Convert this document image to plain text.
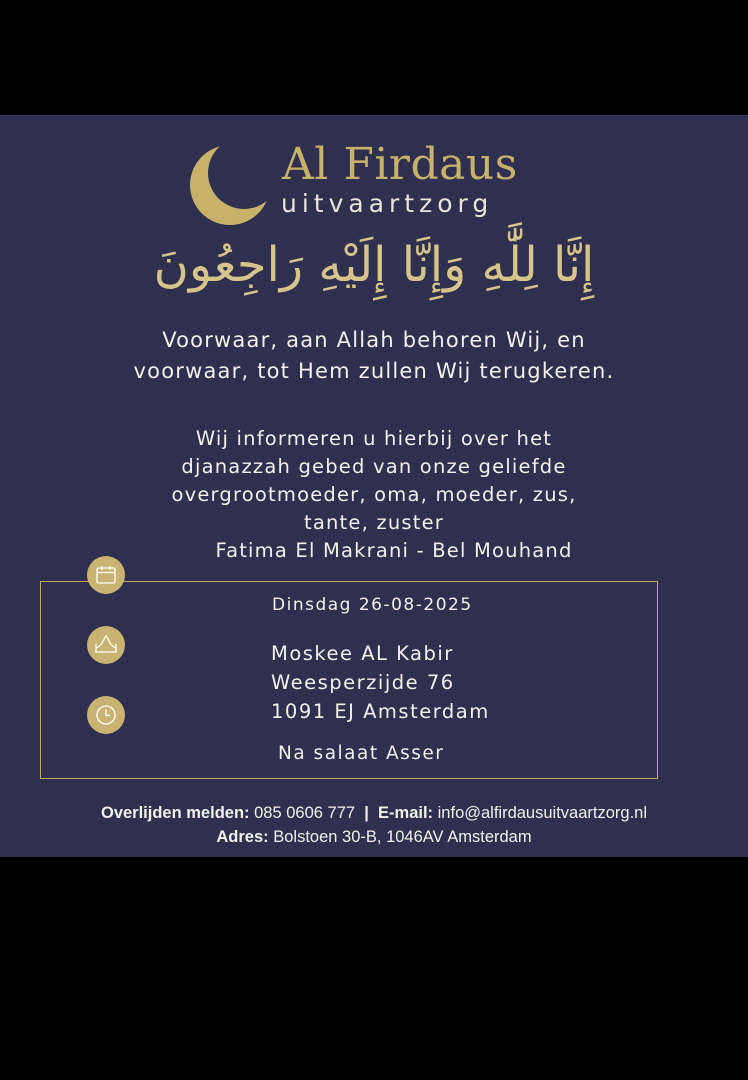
Al Firdaus
uitvaartzorg
إِنَّا لِلَّٰهِ وَإِنَّا إِلَيْهِ رَاجِعُونَ
Voorwaar, aan Allah behoren Wij, en
voorwaar, tot Hem zullen Wij terugkeren.
Wij informeren u hierbij over het
djanazzah gebed van onze geliefde
overgrootmoeder, oma, moeder, zus,
tante, zuster
Fatima El Makrani - Bel Mouhand
Dinsdag 26-08-2025
Moskee AL Kabir
Weesperzijde 76
1091 EJ Amsterdam
Na salaat Asser
Overlijden melden: 085 0606 777 | E-mail: info@alfirdausuitvaartzorg.nl
Adres: Bolstoen 30-B, 1046AV Amsterdam
